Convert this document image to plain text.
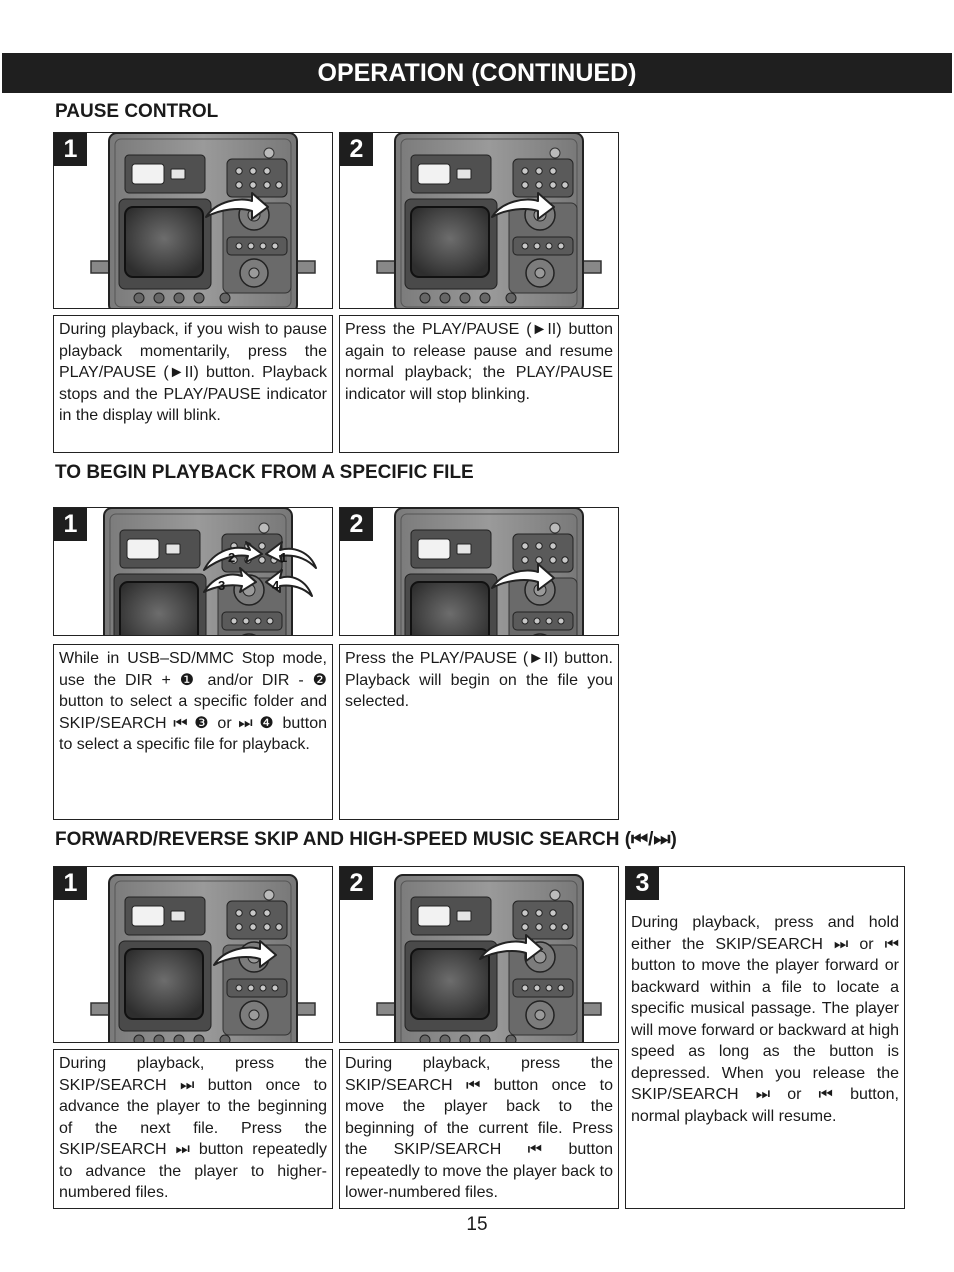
OPERATION (CONTINUED)
PAUSE CONTROL
1	2
During playback, if you wish to pause playback momentarily, press the PLAY/PAUSE (►II) button. Playback stops and the PLAY/PAUSE indicator in the display will blink.
Press the PLAY/PAUSE (►II) button again to release pause and resume normal playback; the PLAY/PAUSE indicator will stop blinking.
TO BEGIN PLAYBACK FROM A SPECIFIC FILE
1
2	1
3	4
2
While in USB–SD/MMC Stop mode, use the DIR + ❶ and/or DIR - ❷ button to select a specific folder and SKIP/SEARCH ⏮ ❸ or ⏭ ❹ button to select a specific file for playback.
Press the PLAY/PAUSE (►II) button. Playback will begin on the file you selected.
FORWARD/REVERSE SKIP AND HIGH-SPEED MUSIC SEARCH (⏮/⏭)
1	2	3
During playback, press and hold either the SKIP/SEARCH ⏭ or ⏮ button to move the player forward or backward within a file to locate a specific musical passage. The player will move forward or backward at high speed as long as the button is depressed. When you release the SKIP/SEARCH ⏭ or ⏮ button, normal playback will resume.
During playback, press the SKIP/SEARCH ⏭ button once to advance the player to the beginning of the next file. Press the SKIP/SEARCH ⏭ button repeatedly to advance the player to higher-numbered files.
During playback, press the SKIP/SEARCH ⏮ button once to move the player back to the beginning of the current file. Press the SKIP/SEARCH ⏮ button repeatedly to move the player back to lower-numbered files.
15
